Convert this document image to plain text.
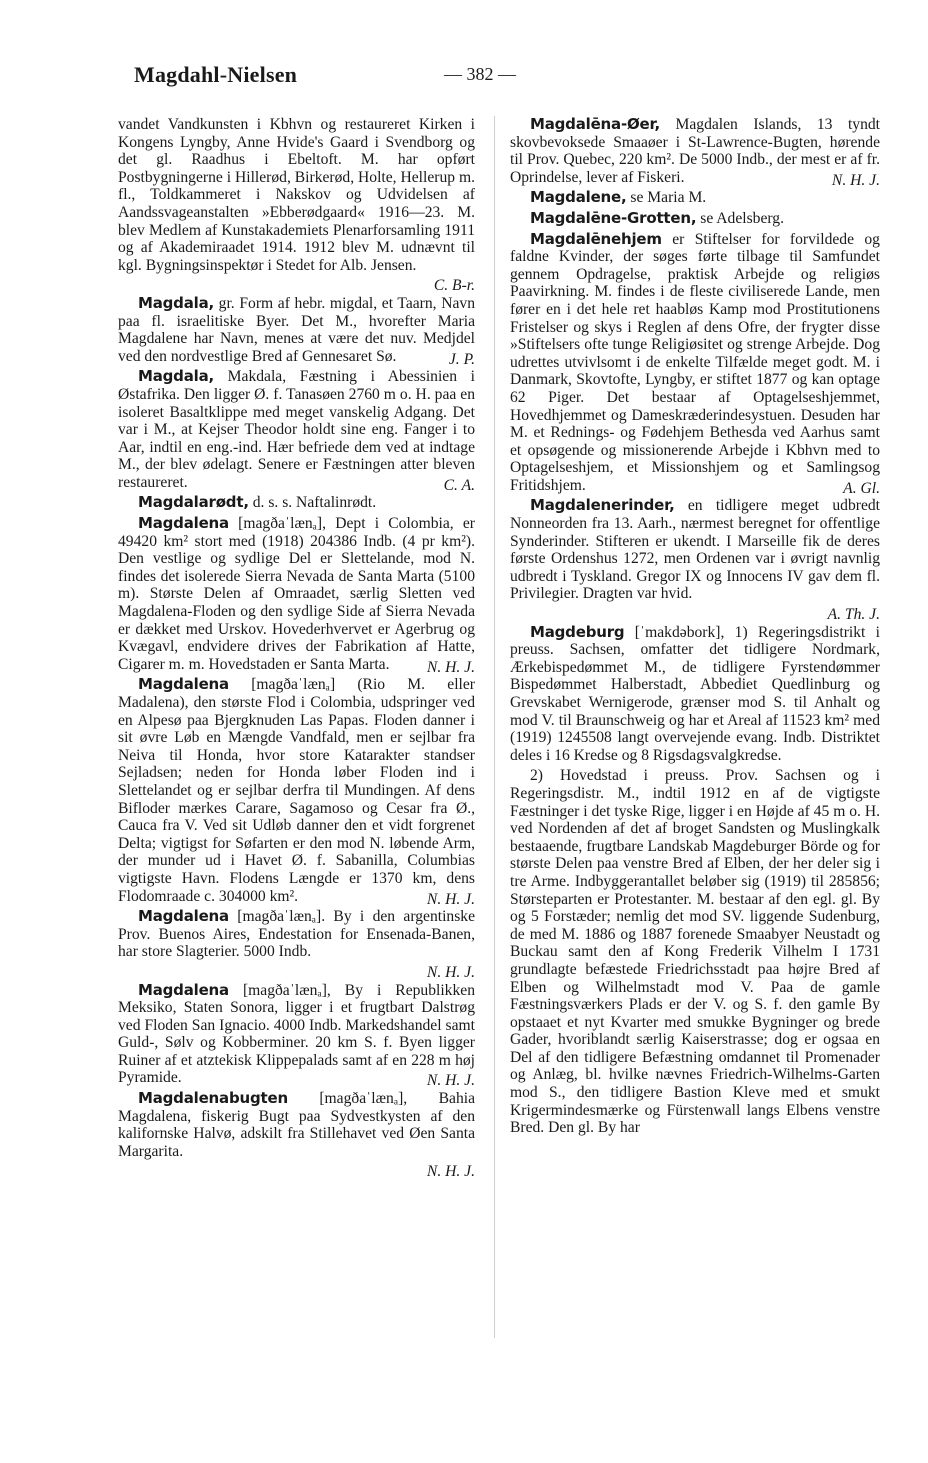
Magdahl-Nielsen	— 382 —

vandet Vandkunsten i Kbhvn og restaureret Kirken i Kongens Lyngby, Anne Hvide's Gaard i Svendborg og det gl. Raadhus i Ebeltoft. M. har opført Postbygningerne i Hillerød, Birkerød, Holte, Hellerup m. fl., Toldkammeret i Nakskov og Udvidelsen af Aandssvageanstalten »Ebberødgaard« 1916—23. M. blev Medlem af Kunstakademiets Plenarforsamling 1911 og af Akademiraadet 1914. 1912 blev M. udnævnt til kgl. Bygningsinspektør i Stedet for Alb. Jensen.

C. B-r.

Magdala, gr. Form af hebr. migdal, et Taarn, Navn paa fl. israelitiske Byer. Det M., hvorefter Maria Magdalene har Navn, menes at være det nuv. Medjdel ved den nordvestlige Bred af Gennesaret Sø.	J. P.

Magdala, Makdala, Fæstning i Abessinien i Østafrika. Den ligger Ø. f. Tanasøen 2760 m o. H. paa en isoleret Basaltklippe med meget vanskelig Adgang. Det var i M., at Kejser Theodor holdt sine eng. Fanger i to Aar, indtil en eng.-ind. Hær befriede dem ved at indtage M., der blev ødelagt. Senere er Fæstningen atter bleven restaureret.	C. A.

Magdalarødt, d. s. s. Naftalinrødt.

Magdalena [magðaˈlænₐ], Dept i Colombia, er 49420 km² stort med (1918) 204386 Indb. (4 pr km²). Den vestlige og sydlige Del er Slettelande, mod N. findes det isolerede Sierra Nevada de Santa Marta (5100 m). Største Delen af Omraadet, særlig Sletten ved Magdalena-Floden og den sydlige Side af Sierra Nevada er dækket med Urskov. Hovederhvervet er Agerbrug og Kvægavl, endvidere drives der Fabrikation af Hatte, Cigarer m. m. Hovedstaden er Santa Marta.	N. H. J.

Magdalena [magðaˈlænₐ] (Rio M. eller Madalena), den største Flod i Colombia, udspringer ved en Alpesø paa Bjergknuden Las Papas. Floden danner i sit øvre Løb en Mængde Vandfald, men er sejlbar fra Neiva til Honda, hvor store Katarakter standser Sejladsen; neden for Honda løber Floden ind i Slettelandet og er sejlbar derfra til Mundingen. Af dens Bifloder mærkes Carare, Sagamoso og Cesar fra Ø., Cauca fra V. Ved sit Udløb danner den et vidt forgrenet Delta; vigtigst for Søfarten er den mod N. løbende Arm, der munder ud i Havet Ø. f. Sabanilla, Columbias vigtigste Havn. Flodens Længde er 1370 km, dens Flodomraade c. 304000 km².	N. H. J.

Magdalena [magðaˈlænₐ]. By i den argentinske Prov. Buenos Aires, Endestation for Ensenada-Banen, har store Slagterier. 5000 Indb.

N. H. J.

Magdalena [magðaˈlænₐ], By i Republikken Meksiko, Staten Sonora, ligger i et frugtbart Dalstrøg ved Floden San Ignacio. 4000 Indb. Markedshandel samt Guld-, Sølv og Kobberminer. 20 km S. f. Byen ligger Ruiner af et atztekisk Klippepalads samt af en 228 m høj Pyramide.	N. H. J.

Magdalenabugten [magðaˈlænₐ], Bahia Magdalena, fiskerig Bugt paa Sydvestkysten af den kalifornske Halvø, adskilt fra Stillehavet ved Øen Santa Margarita.

N. H. J.

Magdalēna-Øer, Magdalen Islands, 13 tyndt skovbevoksede Smaaøer i St-Lawrence-Bugten, hørende til Prov. Quebec, 220 km². De 5000 Indb., der mest er af fr. Oprindelse, lever af Fiskeri.	N. H. J.

Magdalene, se Maria M.

Magdalēne-Grotten, se Adelsberg.

Magdalēnehjem er Stiftelser for forvildede og faldne Kvinder, der søges førte tilbage til Samfundet gennem Opdragelse, praktisk Arbejde og religiøs Paavirkning. M. findes i de fleste civiliserede Lande, men fører en i det hele ret haabløs Kamp mod Prostitutionens Fristelser og skys i Reglen af dens Ofre, der frygter disse »Stiftelsers ofte tunge Religiøsitet og strenge Arbejde. Dog udrettes utvivlsomt i de enkelte Tilfælde meget godt. M. i Danmark, Skovtofte, Lyngby, er stiftet 1877 og kan optage 62 Piger. Det bestaar af Optagelseshjemmet, Hovedhjemmet og Dameskræderindesystuen. Desuden har M. et Rednings- og Fødehjem Bethesda ved Aarhus samt et opsøgende og missionerende Arbejde i Kbhvn med to Optagelseshjem, et Missionshjem og et Samlingsog Fritidshjem.	A. Gl.

Magdalenerinder, en tidligere meget udbredt Nonneorden fra 13. Aarh., nærmest beregnet for offentlige Synderinder. Stifteren er ukendt. I Marseille fik de deres første Ordenshus 1272, men Ordenen var i øvrigt navnlig udbredt i Tyskland. Gregor IX og Innocens IV gav dem fl. Privilegier. Dragten var hvid.

A. Th. J.

Magdeburg [ˈmakdəbork], 1) Regeringsdistrikt i preuss. Sachsen, omfatter det tidligere Nordmark, Ærkebispedømmet M., de tidligere Fyrstendømmer Bispedømmet Halberstadt, Abbediet Quedlinburg og Grevskabet Wernigerode, grænser mod S. til Anhalt og mod V. til Braunschweig og har et Areal af 11523 km² med (1919) 1245508 langt overvejende evang. Indb. Distriktet deles i 16 Kredse og 8 Rigsdagsvalgkredse.

2) Hovedstad i preuss. Prov. Sachsen og i Regeringsdistr. M., indtil 1912 en af de vigtigste Fæstninger i det tyske Rige, ligger i en Højde af 45 m o. H. ved Nordenden af det af broget Sandsten og Muslingkalk bestaaende, frugtbare Landskab Magdeburger Börde og for største Delen paa venstre Bred af Elben, der her deler sig i tre Arme. Indbyggerantallet beløber sig (1919) til 285856; Størsteparten er Protestanter. M. bestaar af den egl. gl. By og 5 Forstæder; nemlig det mod SV. liggende Sudenburg, de med M. 1886 og 1887 forenede Smaabyer Neustadt og Buckau samt den af Kong Frederik Vilhelm I 1731 grundlagte befæstede Friedrichsstadt paa højre Bred af Elben og Wilhelmstadt mod V. Paa de gamle Fæstningsværkers Plads er der V. og S. f. den gamle By opstaaet et nyt Kvarter med smukke Bygninger og brede Gader, hvoriblandt særlig Kaiserstrasse; dog er ogsaa en Del af den tidligere Befæstning omdannet til Promenader og Anlæg, bl. hvilke nævnes Friedrich-Wilhelms-Garten mod S., den tidligere Bastion Kleve med et smukt Krigermindesmærke og Fürstenwall langs Elbens venstre Bred. Den gl. By har
